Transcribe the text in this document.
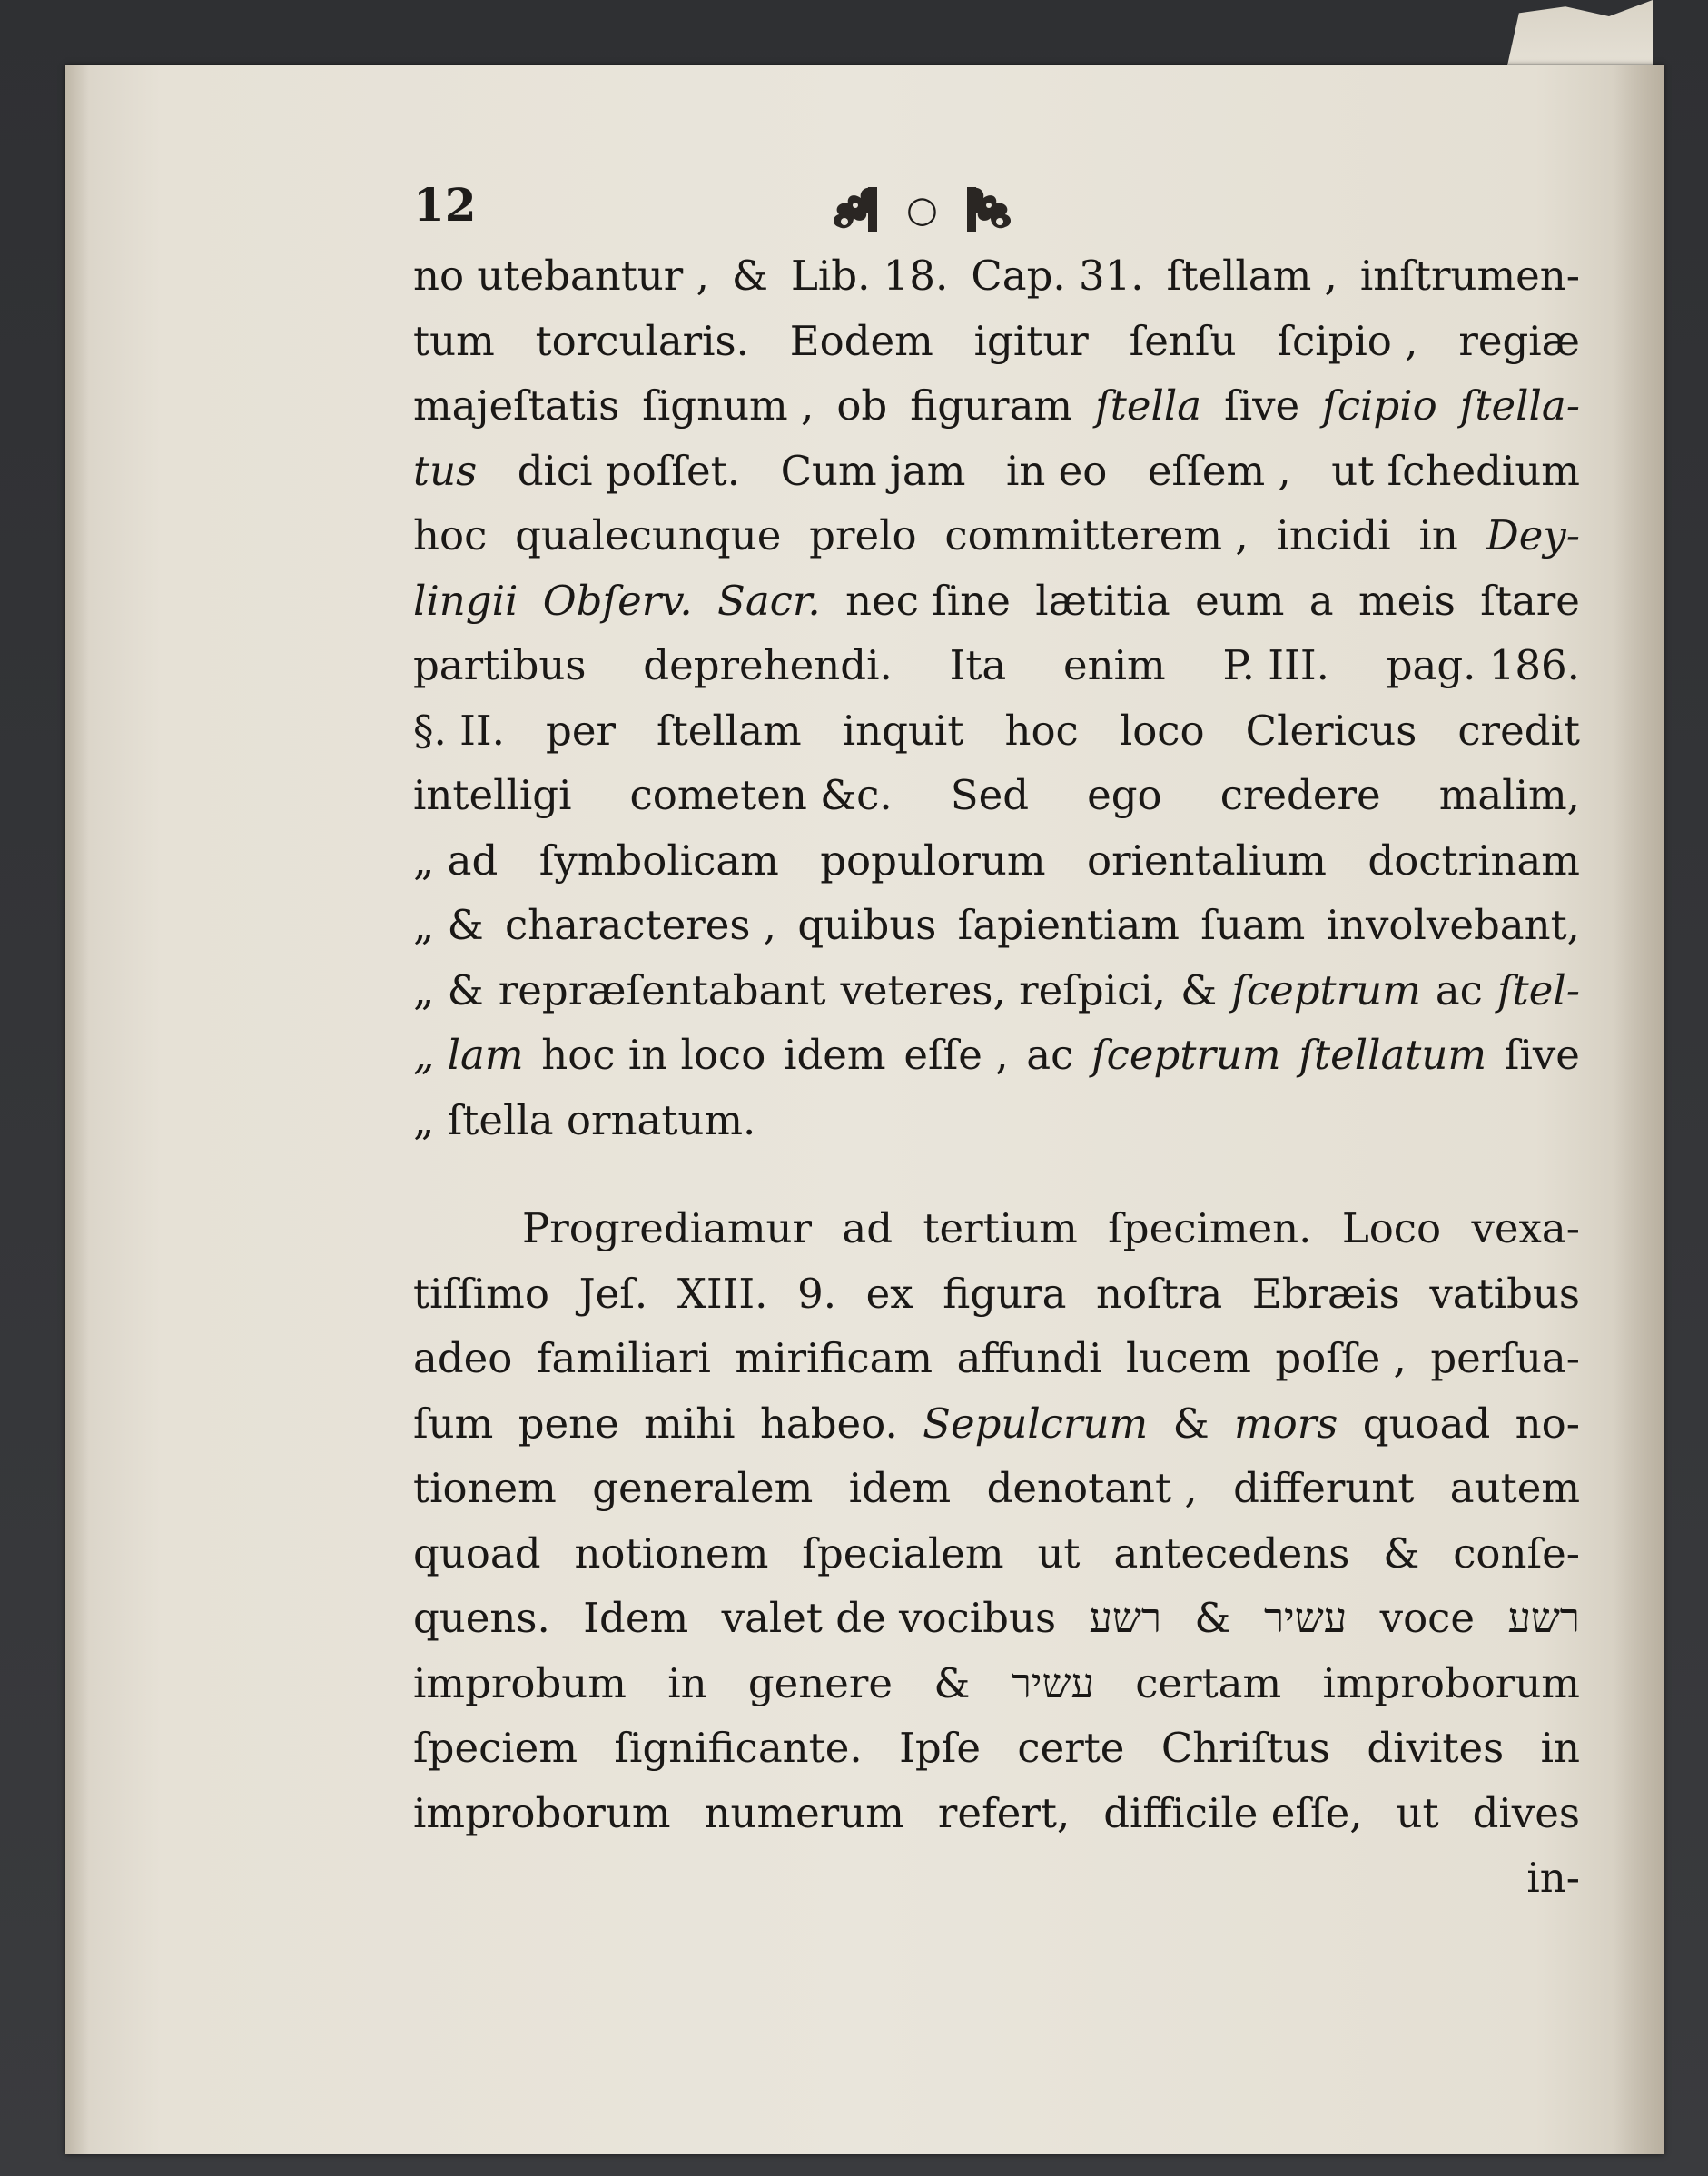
12	○
no utebantur , & Lib. 18. Cap. 31. ſtellam , inſtrumen-
tum torcularis. Eodem igitur ſenſu ſcipio , regiæ
majeſtatis ſignum , ob figuram ſtella ſive ſcipio ſtella-
tus dici poſſet. Cum jam in eo eſſem , ut ſchedium
hoc qualecunque prelo committerem , incidi in Dey-
lingii Obſerv. Sacr. nec ſine lætitia eum a meis ſtare
partibus deprehendi. Ita enim P. III. pag. 186.
§. II. per ſtellam inquit hoc loco Clericus credit
intelligi cometen &c. Sed ego credere malim,
„ ad ſymbolicam populorum orientalium doctrinam
„ & characteres , quibus ſapientiam ſuam involvebant,
„ & repræſentabant veteres, reſpici, & ſceptrum ac ſtel-
„ lam hoc in loco idem eſſe , ac ſceptrum ſtellatum ſive
„ ſtella ornatum.
Progrediamur ad tertium ſpecimen. Loco vexa-
tiſſimo Jeſ. XIII. 9. ex figura noſtra Ebræis vatibus
adeo familiari mirificam affundi lucem poſſe , perſua-
ſum pene mihi habeo. Sepulcrum & mors quoad no-
tionem generalem idem denotant , differunt autem
quoad notionem ſpecialem ut antecedens & conſe-
quens. Idem valet de vocibus רשע & עשיר voce רשע
improbum in genere & עשיר certam improborum
ſpeciem ſignificante. Ipſe certe Chriſtus divites in
improborum numerum refert, difficile eſſe, ut dives
in-
